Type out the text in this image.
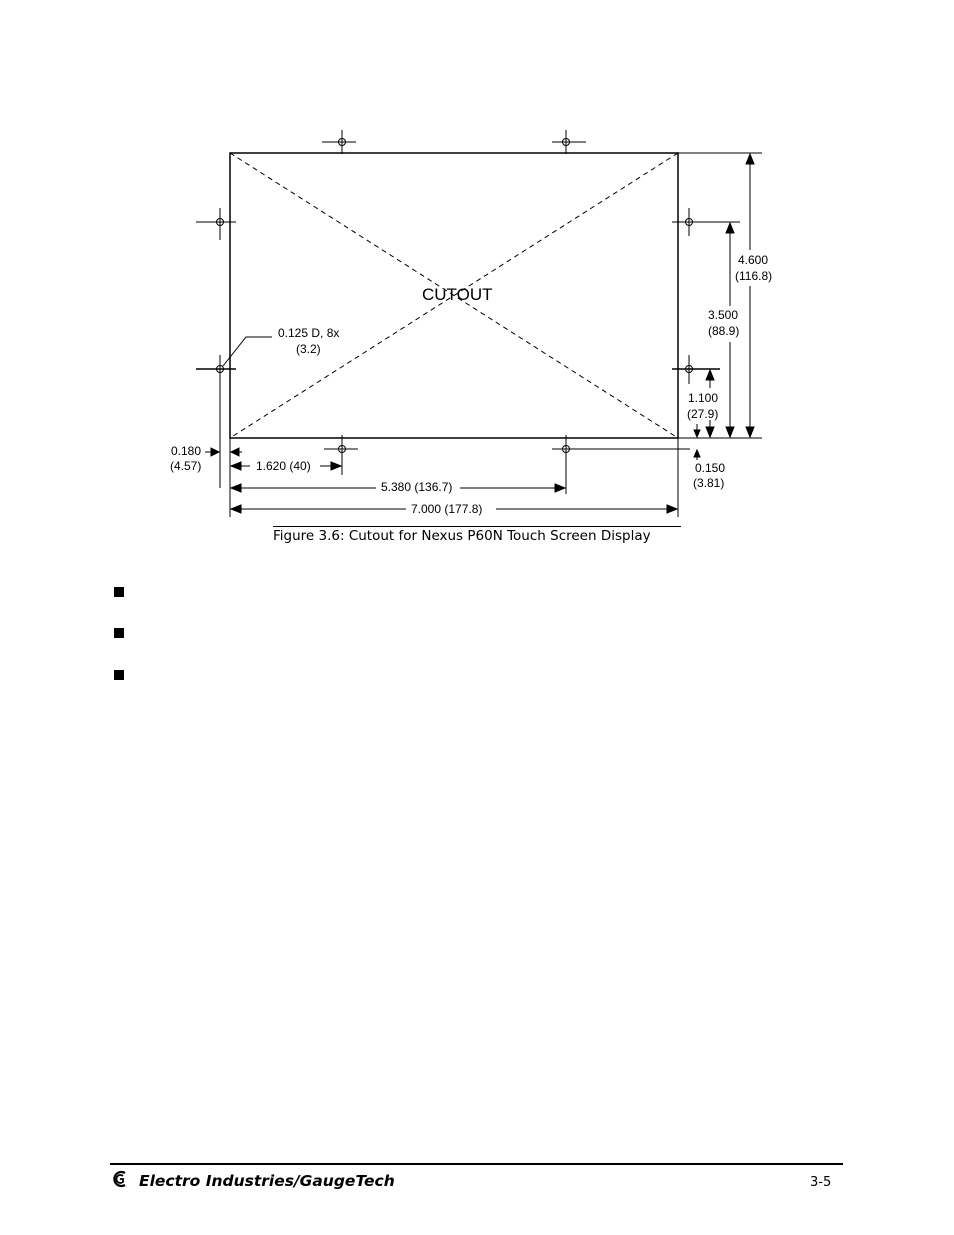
CUTOUT
0.125 D, 8x
(3.2)
7.000 (177.8)
5.380 (136.7)
1.620 (40)
0.180
(4.57)
4.600
(116.8)
3.500
(88.9)
1.100
(27.9)
0.150
(3.81)
Figure 3.6: Cutout for Nexus P60N Touch Screen Display
Electro Industries/GaugeTech	3-5
